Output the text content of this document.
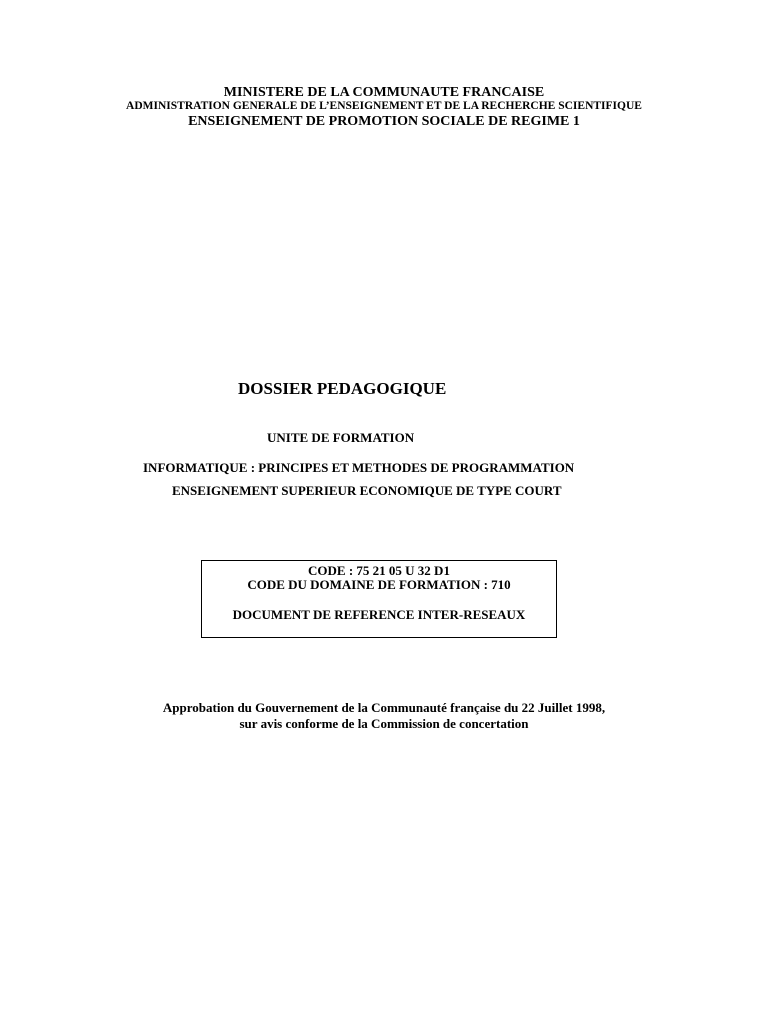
MINISTERE DE LA COMMUNAUTE FRANCAISE
ADMINISTRATION GENERALE DE L’ENSEIGNEMENT ET DE LA RECHERCHE SCIENTIFIQUE
ENSEIGNEMENT DE PROMOTION SOCIALE DE REGIME 1
DOSSIER PEDAGOGIQUE
UNITE DE FORMATION
INFORMATIQUE : PRINCIPES ET METHODES DE PROGRAMMATION
ENSEIGNEMENT SUPERIEUR ECONOMIQUE DE TYPE COURT
CODE : 75 21 05 U 32 D1
CODE DU DOMAINE DE FORMATION : 710
DOCUMENT DE REFERENCE INTER-RESEAUX
Approbation du Gouvernement de la Communauté française du 22 Juillet 1998,
sur avis conforme de la Commission de concertation
